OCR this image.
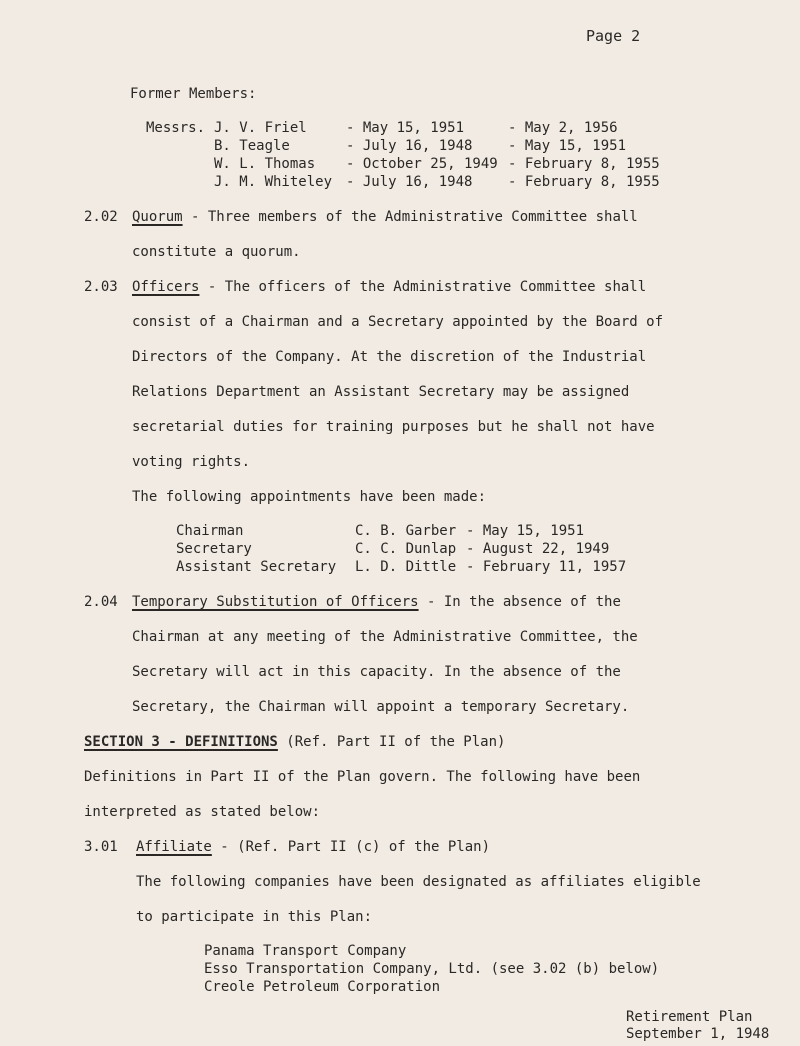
Page 2
Former Members:
Messrs. J. V. Friel	- May 15, 1951	- May 2, 1956
B. Teagle	- July 16, 1948	- May 15, 1951
W. L. Thomas - October 25, 1949 - February 8, 1955
J. M. Whiteley - July 16, 1948	- February 8, 1955
2.02 Quorum - Three members of the Administrative Committee shall
constitute a quorum.
2.03 Officers - The officers of the Administrative Committee shall
consist of a Chairman and a Secretary appointed by the Board of
Directors of the Company. At the discretion of the Industrial
Relations Department an Assistant Secretary may be assigned
secretarial duties for training purposes but he shall not have
voting rights.
The following appointments have been made:
Chairman	C. B. Garber - May 15, 1951
Secretary	C. C. Dunlap - August 22, 1949
Assistant Secretary L. D. Dittle - February 11, 1957
2.04 Temporary Substitution of Officers - In the absence of the
Chairman at any meeting of the Administrative Committee, the
Secretary will act in this capacity. In the absence of the
Secretary, the Chairman will appoint a temporary Secretary.
SECTION 3 - DEFINITIONS (Ref. Part II of the Plan)
Definitions in Part II of the Plan govern. The following have been
interpreted as stated below:
3.01 Affiliate - (Ref. Part II (c) of the Plan)
The following companies have been designated as affiliates eligible
to participate in this Plan:
Panama Transport Company
Esso Transportation Company, Ltd. (see 3.02 (b) below)
Creole Petroleum Corporation
Retirement Plan
September 1, 1948
